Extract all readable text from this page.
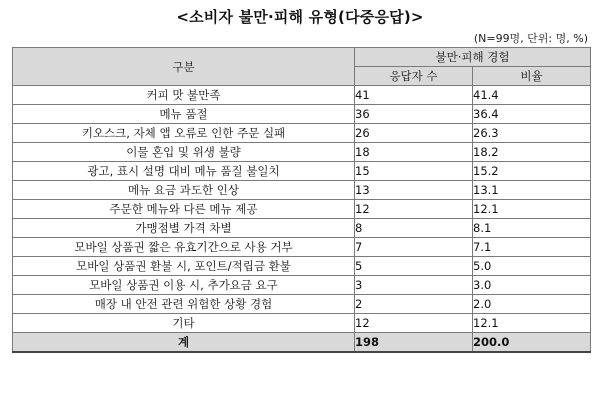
<소비자 불만·피해 유형(다중응답)>
(N=99명, 단위: 명, %)
구분	불만·피해 경험	
	응답자 수	비율
커피 맛 불만족	41	41.4
메뉴 품절	36	36.4
키오스크, 자체 앱 오류로 인한 주문 실패	26	26.3
이물 혼입 및 위생 불량	18	18.2
광고, 표시 설명 대비 메뉴 품질 불일치	15	15.2
메뉴 요금 과도한 인상	13	13.1
주문한 메뉴와 다른 메뉴 제공	12	12.1
가맹점별 가격 차별	8	8.1
모바일 상품권 짧은 유효기간으로 사용 거부	7	7.1
모바일 상품권 환불 시, 포인트/적립금 환불	5	5.0
모바일 상품권 이용 시, 추가요금 요구	3	3.0
매장 내 안전 관련 위험한 상황 경험	2	2.0
기타	12	12.1
계	198	200.0
